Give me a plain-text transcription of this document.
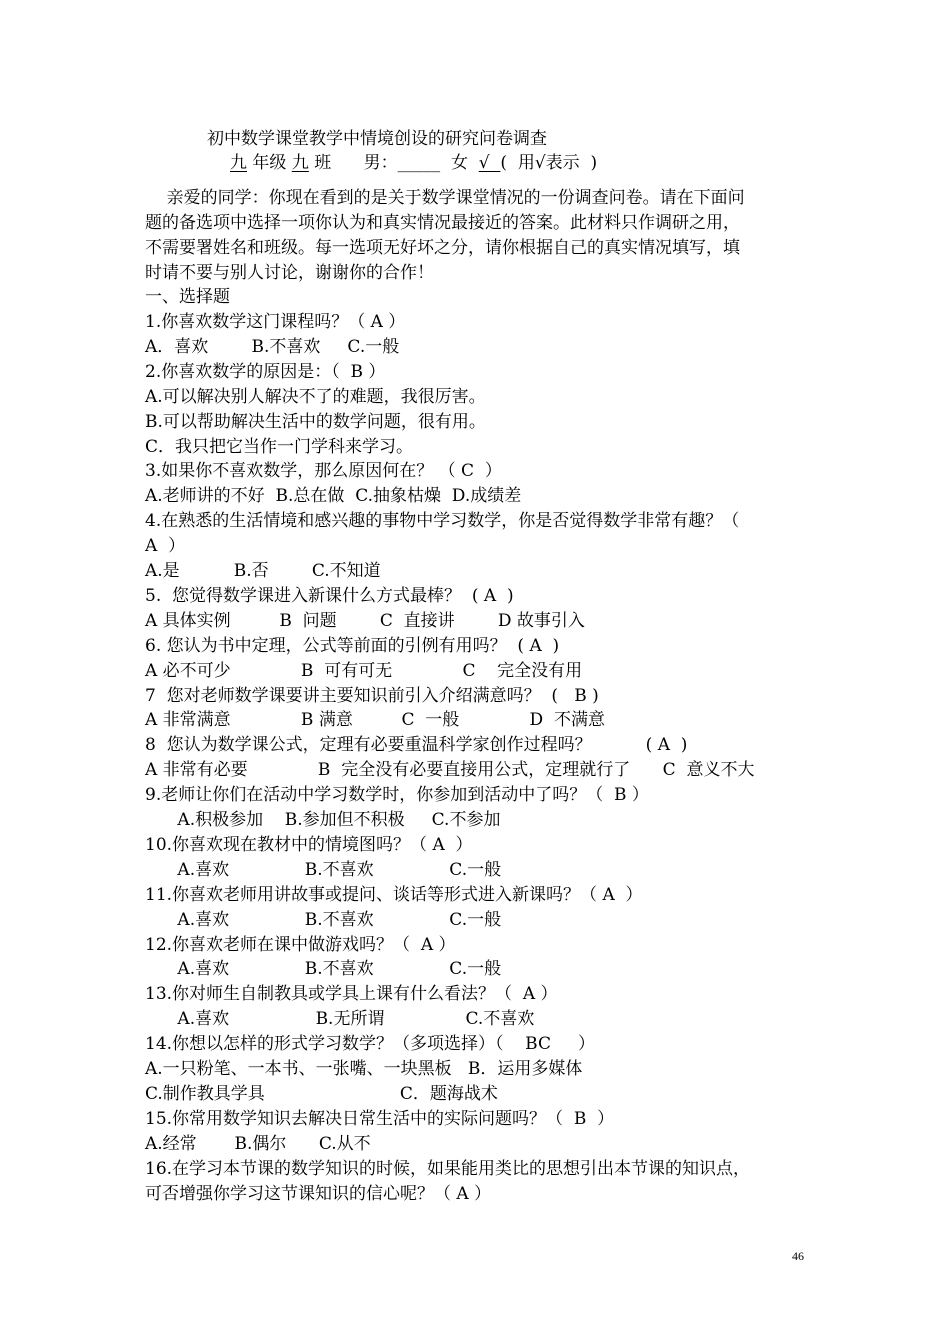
初中数学课堂教学中情境创设的研究问卷调查
九 年级 九 班      男：_____  女  √  (  用√表示  )
亲爱的同学：你现在看到的是关于数学课堂情况的一份调查问卷。请在下面问
题的备选项中选择一项你认为和真实情况最接近的答案。此材料只作调研之用，
不需要署姓名和班级。每一选项无好坏之分，请你根据自己的真实情况填写，填
时请不要与别人讨论，谢谢你的合作！
一、选择题
1.你喜欢数学这门课程吗？（ A ）
A．喜欢        B.不喜欢     C.一般
2.你喜欢数学的原因是：（  B ）
A.可以解决别人解决不了的难题，我很厉害。
B.可以帮助解决生活中的数学问题，很有用。
C．我只把它当作一门学科来学习。
3.如果你不喜欢数学，那么原因何在？ （ C  ）
A.老师讲的不好  B.总在做  C.抽象枯燥  D.成绩差
4.在熟悉的生活情境和感兴趣的事物中学习数学，你是否觉得数学非常有趣？（
A  ）
A.是          B.否        C.不知道
5.  您觉得数学课进入新课什么方式最棒？  ( A  )
A 具体实例         B  问题        C  直接讲        D 故事引入
6. 您认为书中定理，公式等前面的引例有用吗？  ( A  )
A 必不可少             B  可有可无             C    完全没有用
7  您对老师数学课要讲主要知识前引入介绍满意吗？  (   B )
A 非常满意             B 满意         C  一般             D  不满意
8  您认为数学课公式，定理有必要重温科学家创作过程吗？          ( A  )
A 非常有必要             B  完全没有必要直接用公式，定理就行了      C  意义不大
9.老师让你们在活动中学习数学时，你参加到活动中了吗？（  B ）
A.积极参加    B.参加但不积极     C.不参加
10.你喜欢现在教材中的情境图吗？（ A  ）
A.喜欢              B.不喜欢              C.一般
11.你喜欢老师用讲故事或提问、谈话等形式进入新课吗？（ A  ）
A.喜欢              B.不喜欢              C.一般
12.你喜欢老师在课中做游戏吗？（  A ）
A.喜欢              B.不喜欢              C.一般
13.你对师生自制教具或学具上课有什么看法？（  A ）
A.喜欢                B.无所谓               C.不喜欢
14.你想以怎样的形式学习数学？（多项选择）（    BC     ）
A.一只粉笔、一本书、一张嘴、一块黑板   B．运用多媒体
C.制作教具学具                         C．题海战术
15.你常用数学知识去解决日常生活中的实际问题吗？（  B  ）
A.经常       B.偶尔      C.从不
16.在学习本节课的数学知识的时候，如果能用类比的思想引出本节课的知识点，
可否增强你学习这节课知识的信心呢？（ A ）
46
